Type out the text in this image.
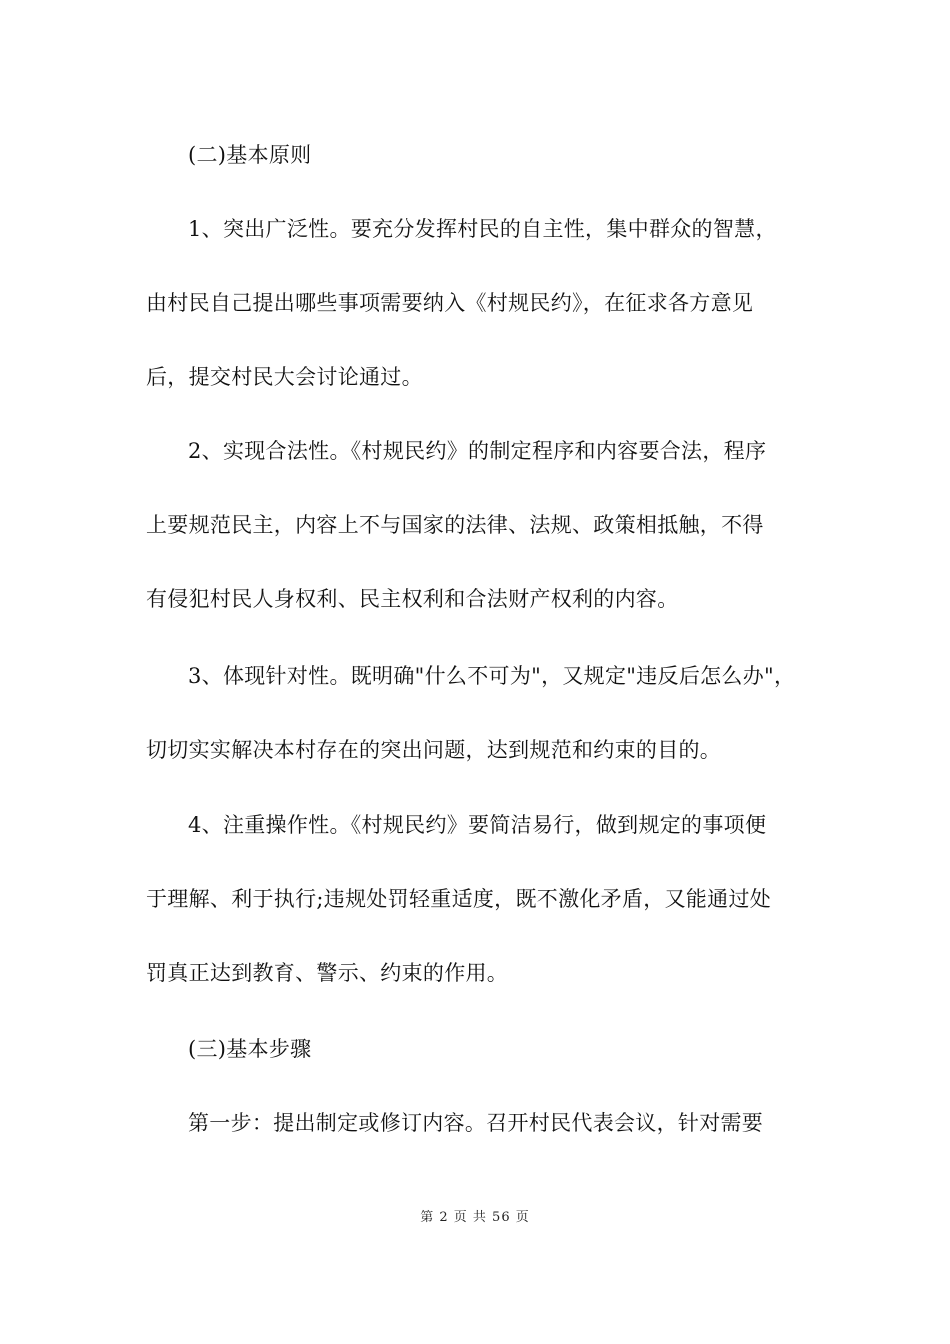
(二)基本原则
1、突出广泛性。要充分发挥村民的自主性，集中群众的智慧，
由村民自己提出哪些事项需要纳入《村规民约》，在征求各方意见
后，提交村民大会讨论通过。
2、实现合法性。《村规民约》的制定程序和内容要合法，程序
上要规范民主，内容上不与国家的法律、法规、政策相抵触，不得
有侵犯村民人身权利、民主权利和合法财产权利的内容。
3、体现针对性。既明确"什么不可为"，又规定"违反后怎么办"，
切切实实解决本村存在的突出问题，达到规范和约束的目的。
4、注重操作性。《村规民约》要简洁易行，做到规定的事项便
于理解、利于执行;违规处罚轻重适度，既不激化矛盾，又能通过处
罚真正达到教育、警示、约束的作用。
(三)基本步骤
第一步：提出制定或修订内容。召开村民代表会议，针对需要
第 2 页 共 56 页
